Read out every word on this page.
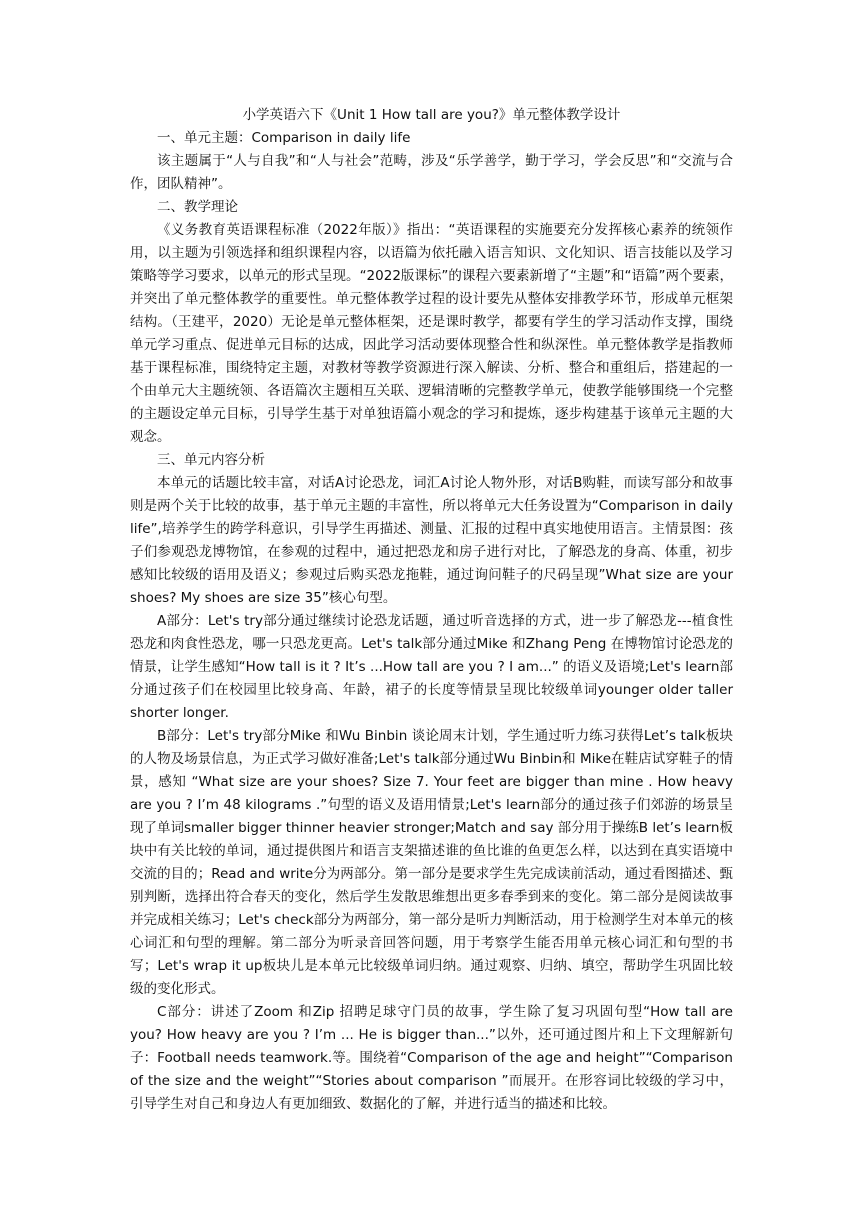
小学英语六下《Unit 1 How tall are you?》单元整体教学设计

一、单元主题：Comparison in daily life

该主题属于“人与自我”和“人与社会”范畴，涉及“乐学善学，勤于学习，学会反思”和“交流与合作，团队精神”。

二、教学理论

《义务教育英语课程标准（2022年版）》指出：“英语课程的实施要充分发挥核心素养的统领作用，以主题为引领选择和组织课程内容，以语篇为依托融入语言知识、文化知识、语言技能以及学习策略等学习要求，以单元的形式呈现。“2022版课标”的课程六要素新增了“主题”和“语篇”两个要素，并突出了单元整体教学的重要性。单元整体教学过程的设计要先从整体安排教学环节，形成单元框架结构。（王建平，2020）无论是单元整体框架，还是课时教学，都要有学生的学习活动作支撑，围绕单元学习重点、促进单元目标的达成，因此学习活动要体现整合性和纵深性。单元整体教学是指教师基于课程标准，围绕特定主题，对教材等教学资源进行深入解读、分析、整合和重组后，搭建起的一个由单元大主题统领、各语篇次主题相互关联、逻辑清晰的完整教学单元，使教学能够围绕一个完整的主题设定单元目标，引导学生基于对单独语篇小观念的学习和提炼，逐步构建基于该单元主题的大观念。

三、单元内容分析

本单元的话题比较丰富，对话A讨论恐龙，词汇A讨论人物外形，对话B购鞋，而读写部分和故事则是两个关于比较的故事，基于单元主题的丰富性，所以将单元大任务设置为“Comparison in daily life”,培养学生的跨学科意识，引导学生再描述、测量、汇报的过程中真实地使用语言。主情景图：孩子们参观恐龙博物馆，在参观的过程中，通过把恐龙和房子进行对比，了解恐龙的身高、体重，初步感知比较级的语用及语义；参观过后购买恐龙拖鞋，通过询问鞋子的尺码呈现”What size are your shoes? My shoes are size 35”核心句型。

A部分：Let's try部分通过继续讨论恐龙话题，通过听音选择的方式，进一步了解恐龙---植食性恐龙和肉食性恐龙，哪一只恐龙更高。Let's talk部分通过Mike 和Zhang Peng 在博物馆讨论恐龙的情景，让学生感知“How tall is it ? It’s ...How tall are you ? I am...” 的语义及语境;Let's learn部分通过孩子们在校园里比较身高、年龄，裙子的长度等情景呈现比较级单词younger older taller shorter longer.

B部分：Let's try部分Mike 和Wu Binbin 谈论周末计划，学生通过听力练习获得Let’s talk板块的人物及场景信息，为正式学习做好准备;Let's talk部分通过Wu Binbin和 Mike在鞋店试穿鞋子的情景，感知 “What size are your shoes? Size 7. Your feet are bigger than mine . How heavy are you ? I’m 48 kilograms .”句型的语义及语用情景;Let's learn部分的通过孩子们郊游的场景呈现了单词smaller bigger thinner heavier stronger;Match and say 部分用于操练B let’s learn板块中有关比较的单词，通过提供图片和语言支架描述谁的鱼比谁的鱼更怎么样，以达到在真实语境中交流的目的；Read and write分为两部分。第一部分是要求学生先完成读前活动，通过看图描述、甄别判断，选择出符合春天的变化，然后学生发散思维想出更多春季到来的变化。第二部分是阅读故事并完成相关练习；Let's check部分为两部分，第一部分是听力判断活动，用于检测学生对本单元的核心词汇和句型的理解。第二部分为听录音回答问题，用于考察学生能否用单元核心词汇和句型的书写；Let's wrap it up板块儿是本单元比较级单词归纳。通过观察、归纳、填空，帮助学生巩固比较级的变化形式。

C部分：讲述了Zoom 和Zip 招聘足球守门员的故事，学生除了复习巩固句型“How tall are you? How heavy are you ? I’m ... He is bigger than...”以外，还可通过图片和上下文理解新句子：Football needs teamwork.等。围绕着“Comparison of the age and height”“Comparison of the size and the weight”“Stories about comparison ”而展开。在形容词比较级的学习中，引导学生对自己和身边人有更加细致、数据化的了解，并进行适当的描述和比较。
